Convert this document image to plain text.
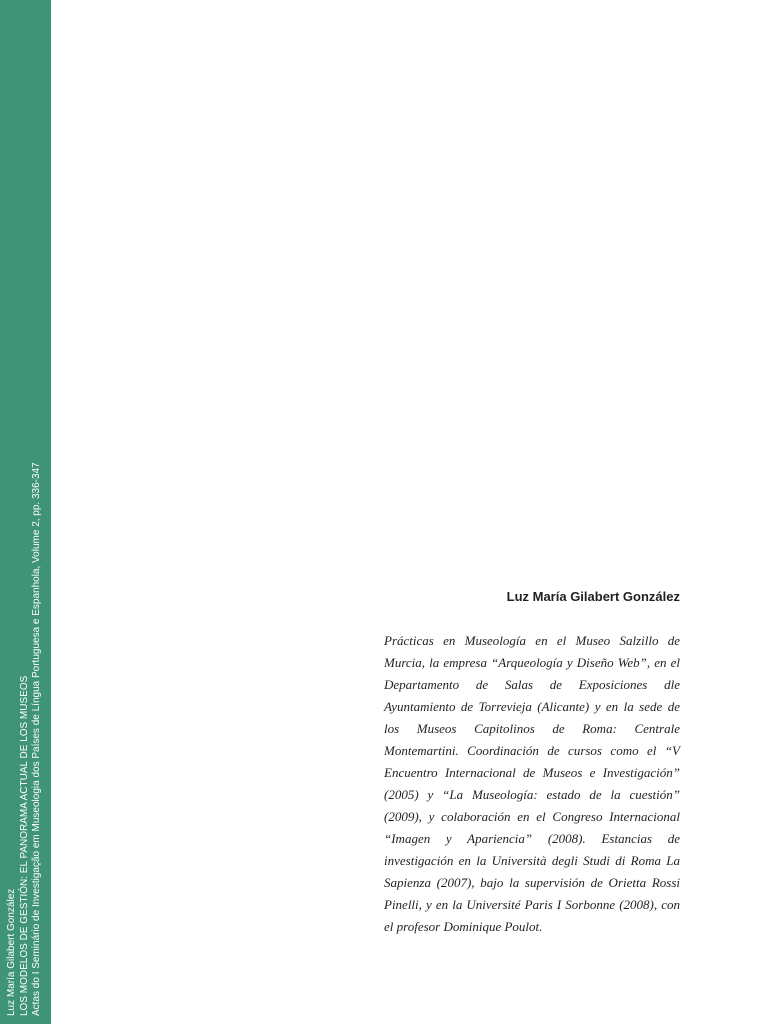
Luz María Gilabert González LOS MODELOS DE GESTIÓN: EL PANORAMA ACTUAL DE LOS MUSEOS Actas do I Seminário de Investigação em Museologia dos Países de Língua Portuguesa e Espanhola, Volume 2, pp. 336-347	Luz María Gilabert González

Prácticas en Museología en el Museo Salzillo de Murcia, la empresa “Arqueología y Diseño Web”, en el Departamento de Salas de Exposiciones dle Ayuntamiento de Torrevieja (Alicante) y en la sede de los Museos Capitolinos de Roma: Centrale Montemartini. Coordinación de cursos como el “V Encuentro Internacional de Museos e Investigación” (2005) y “La Museología: estado de la cuestión” (2009), y colaboración en el Congreso Internacional “Imagen y Apariencia” (2008). Estancias de investigación en la Università degli Studi di Roma La Sapienza (2007), bajo la supervisión de Orietta Rossi Pinelli, y en la Université Paris I Sorbonne (2008), con el profesor Dominique Poulot.
